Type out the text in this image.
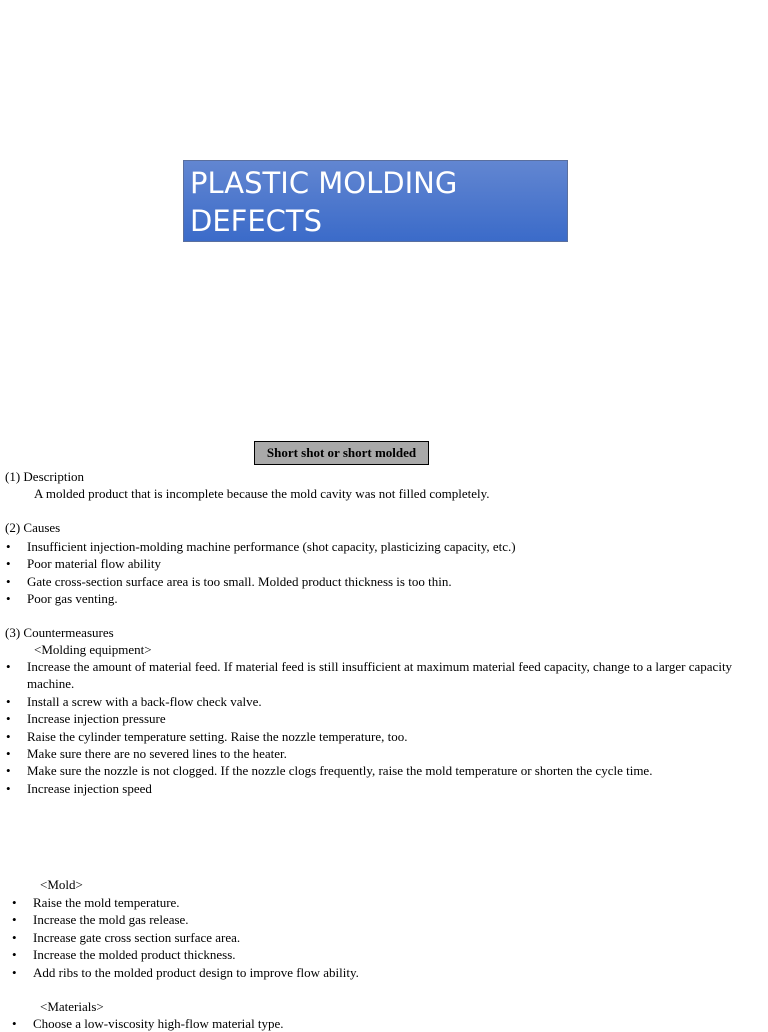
PLASTIC MOLDING DEFECTS
Short shot or short molded
(1) Description
A molded product that is incomplete because the mold cavity was not filled completely.
(2) Causes
• Insufficient injection-molding machine performance (shot capacity, plasticizing capacity, etc.)
• Poor material flow ability
• Gate cross-section surface area is too small. Molded product thickness is too thin.
• Poor gas venting.
(3) Countermeasures
<Molding equipment>
• Increase the amount of material feed. If material feed is still insufficient at maximum material feed capacity, change to a larger capacity machine.
• Install a screw with a back-flow check valve.
• Increase injection pressure
• Raise the cylinder temperature setting. Raise the nozzle temperature, too.
• Make sure there are no severed lines to the heater.
• Make sure the nozzle is not clogged. If the nozzle clogs frequently, raise the mold temperature or shorten the cycle time.
• Increase injection speed
<Mold>
• Raise the mold temperature.
• Increase the mold gas release.
• Increase gate cross section surface area.
• Increase the molded product thickness.
• Add ribs to the molded product design to improve flow ability.
<Materials>
• Choose a low-viscosity high-flow material type.
